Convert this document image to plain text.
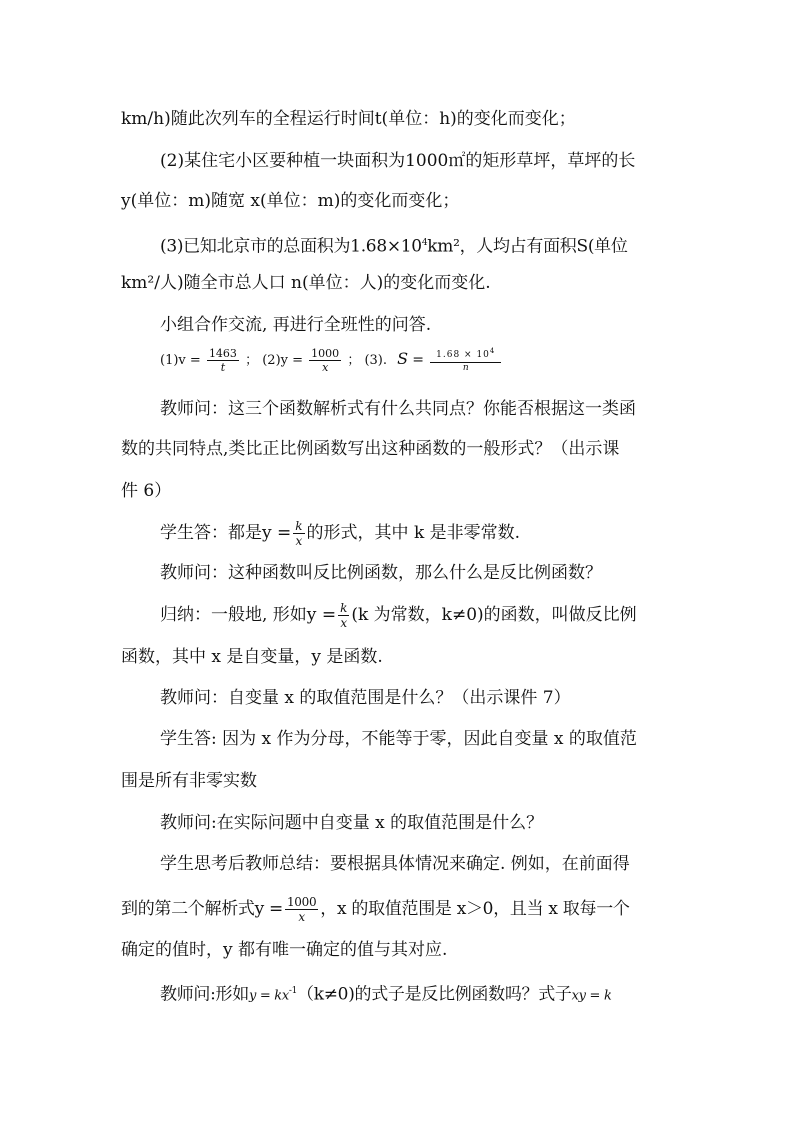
km/h)随此次列车的全程运行时间t(单位：h)的变化而变化；
(2)某住宅小区要种植一块面积为1000㎡的矩形草坪，草坪的长
y(单位：m)随宽 x(单位：m)的变化而变化；
(3)已知北京市的总面积为$1.68\times 10^4km^2$，人均占有面积S(单位
km²/人)随全市总人口 n(单位：人)的变化而变化.
小组合作交流, 再进行全班性的问答.
$(1)v = \frac{1463}{t}$ ； $(2)y = \frac{1000}{x}$ ； (3). $S = \frac{1.68 \times 10^4}{n}$
教师问：这三个函数解析式有什么共同点？你能否根据这一类函
数的共同特点,类比正比例函数写出这种函数的一般形式？（出示课
件 6）
学生答：都是$y = \frac{k}{x}$ 的形式，其中 k 是非零常数.
教师问：这种函数叫反比例函数，那么什么是反比例函数？
归纳：一般地, 形如$y = \frac{k}{x} (k$ 为常数，k≠0)的函数，叫做反比例
函数，其中 x 是自变量，y 是函数.
教师问：自变量 x 的取值范围是什么？（出示课件 7）
学生答: 因为 x 作为分母，不能等于零，因此自变量 x 的取值范
围是所有非零实数
教师问:在实际问题中自变量 x 的取值范围是什么？
学生思考后教师总结：要根据具体情况来确定. 例如，在前面得
到的第二个解析式$y = \frac{1000}{x}$ ，x 的取值范围是 x＞0，且当 x 取每一个
确定的值时，y 都有唯一确定的值与其对应.
教师问:形如$y = kx^{-1}(k\ne 0)$的式子是反比例函数吗？式子xy = k
